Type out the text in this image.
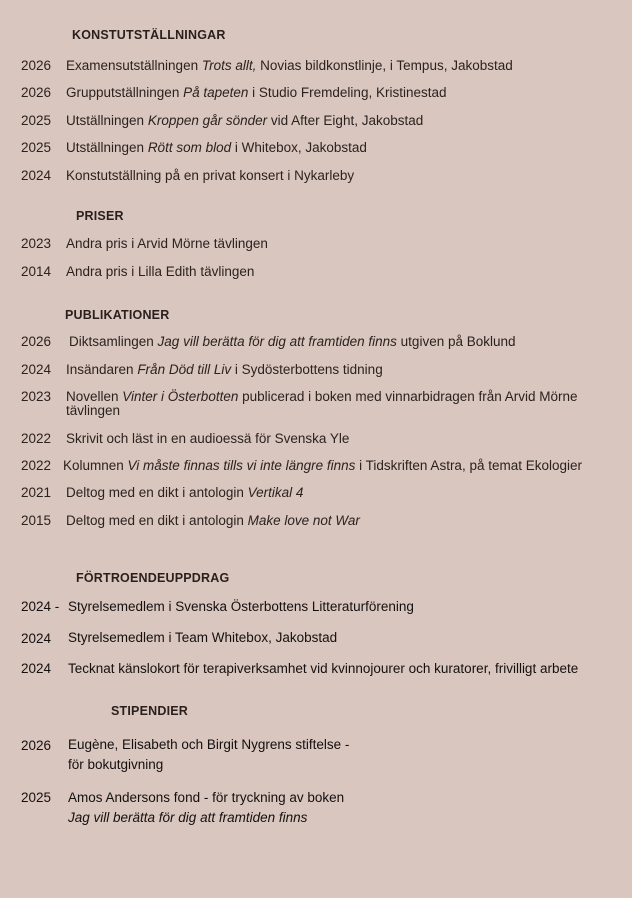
KONSTUTSTÄLLNINGAR
2026 Examensutställningen Trots allt, Novias bildkonstlinje, i Tempus, Jakobstad
2026 Grupputställningen På tapeten i Studio Fremdeling, Kristinestad
2025 Utställningen Kroppen går sönder vid After Eight, Jakobstad
2025 Utställningen Rött som blod i Whitebox, Jakobstad
2024 Konstutställning på en privat konsert i Nykarleby
PRISER
2023 Andra pris i Arvid Mörne tävlingen
2014 Andra pris i Lilla Edith tävlingen
PUBLIKATIONER
2026 Diktsamlingen Jag vill berätta för dig att framtiden finns utgiven på Boklund
2024 Insändaren Från Död till Liv i Sydösterbottens tidning
2023 Novellen Vinter i Österbotten publicerad i boken med vinnarbidragen från Arvid Mörne
tävlingen
2022 Skrivit och läst in en audioessä för Svenska Yle
2022 Kolumnen Vi måste finnas tills vi inte längre finns i Tidskriften Astra, på temat Ekologier
2021 Deltog med en dikt i antologin Vertikal 4
2015 Deltog med en dikt i antologin Make love not War
FÖRTROENDEUPPDRAG
2024 - Styrelsemedlem i Svenska Österbottens Litteraturförening
2024 Styrelsemedlem i Team Whitebox, Jakobstad
2024 Tecknat känslokort för terapiverksamhet vid kvinnojourer och kuratorer, frivilligt arbete
STIPENDIER
2026 Eugène, Elisabeth och Birgit Nygrens stiftelse -
för bokutgivning
2025 Amos Andersons fond - för tryckning av boken
Jag vill berätta för dig att framtiden finns
